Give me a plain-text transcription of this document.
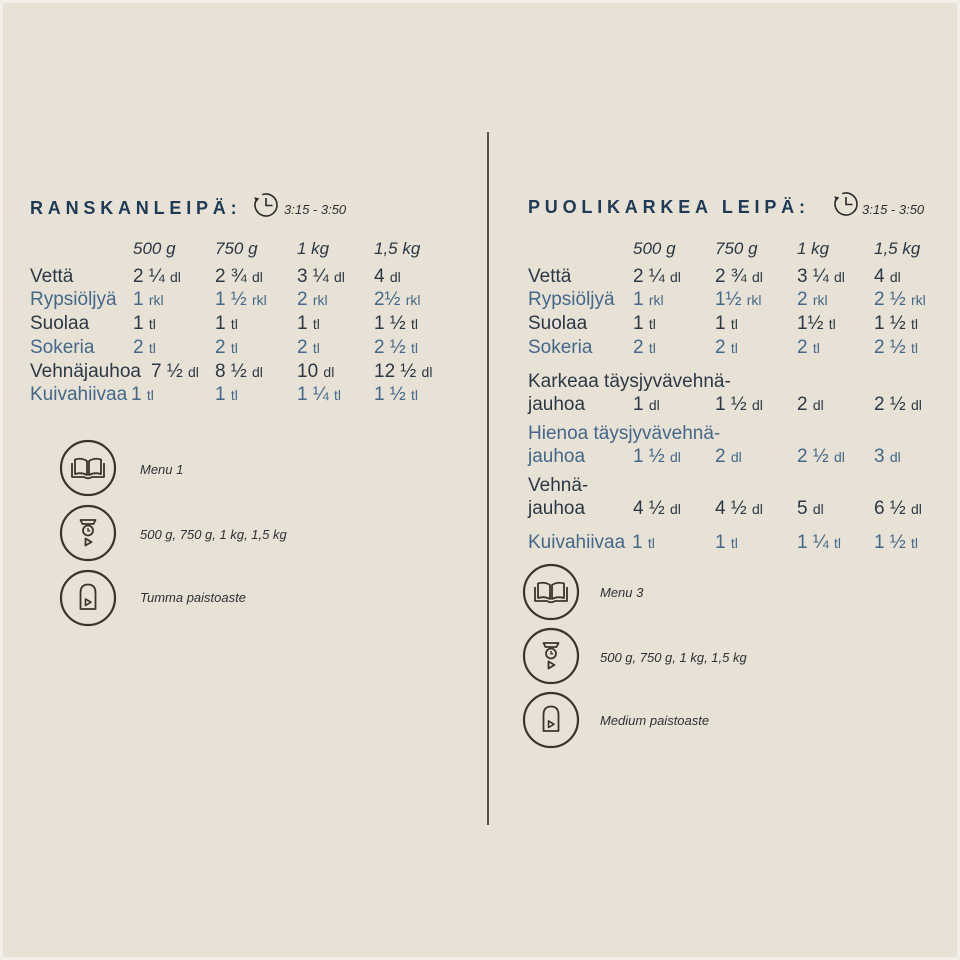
RANSKANLEIPÄ:	3:15 - 3:50
500 g 750 g 1 kg	1,5 kg
Vettä	2 ¼ dl 2 ¾ dl 3 ¼ dl 4 dl
Rypsiöljyä 1 rkl	1 ½ rkl 2 rkl 2½ rkl
Suolaa 1 tl	1 tl	1 tl	1 ½ tl
Sokeria 2 tl	2 tl	2 tl	2 ½ tl
Vehnäjauhoa 7 ½ dl 8 ½ dl 10 dl 12 ½ dl
Kuivahiivaa 1 tl	1 tl	1 ¼ tl 1 ½ tl
Menu 1
500 g, 750 g, 1 kg, 1,5 kg
Tumma paistoaste
PUOLIKARKEA LEIPÄ:	3:15 - 3:50
500 g 750 g 1 kg	1,5 kg
Vettä	2 ¼ dl 2 ¾ dl 3 ¼ dl 4 dl
Rypsiöljyä 1 rkl	1½ rkl 2 rkl 2 ½ rkl
Suolaa 1 tl	1 tl	1½ tl 1 ½ tl
Sokeria 2 tl	2 tl	2 tl	2 ½ tl
Karkeaa täysjyvävehnä-
jauhoa	1 dl	1 ½ dl 2 dl	2 ½ dl
Hienoa täysjyvävehnä-
jauhoa	1 ½ dl 2 dl	2 ½ dl 3 dl
Vehnä-
jauhoa	4 ½ dl 4 ½ dl 5 dl	6 ½ dl
Kuivahiivaa 1 tl	1 tl	1 ¼ tl 1 ½ tl
Menu 3
500 g, 750 g, 1 kg, 1,5 kg
Medium paistoaste
